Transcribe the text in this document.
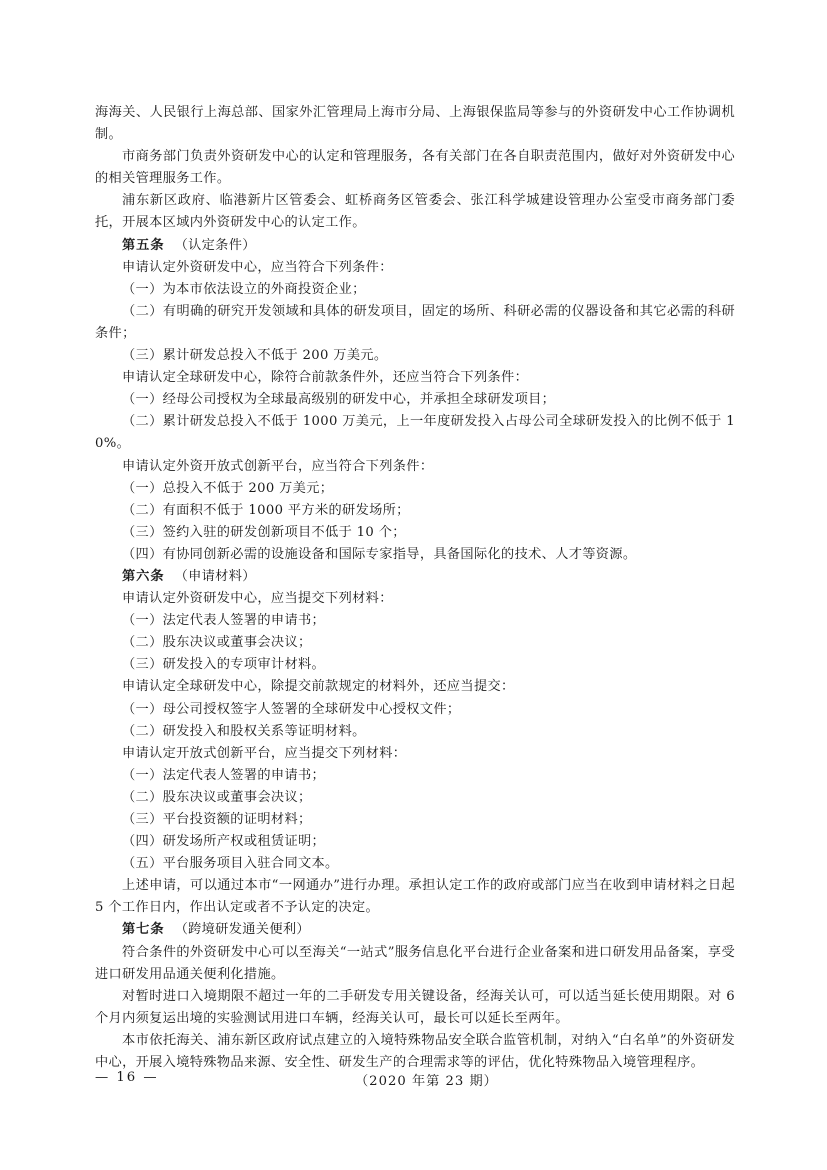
海海关、人民银行上海总部、国家外汇管理局上海市分局、上海银保监局等参与的外资研发中心工作协调机制。

市商务部门负责外资研发中心的认定和管理服务，各有关部门在各自职责范围内，做好对外资研发中心的相关管理服务工作。

浦东新区政府、临港新片区管委会、虹桥商务区管委会、张江科学城建设管理办公室受市商务部门委托，开展本区域内外资研发中心的认定工作。

第五条 （认定条件）

申请认定外资研发中心，应当符合下列条件：

（一）为本市依法设立的外商投资企业；

（二）有明确的研究开发领域和具体的研发项目，固定的场所、科研必需的仪器设备和其它必需的科研条件；

（三）累计研发总投入不低于 200 万美元。

申请认定全球研发中心，除符合前款条件外，还应当符合下列条件：

（一）经母公司授权为全球最高级别的研发中心，并承担全球研发项目；

（二）累计研发总投入不低于 1000 万美元，上一年度研发投入占母公司全球研发投入的比例不低于 10%。

申请认定外资开放式创新平台，应当符合下列条件：

（一）总投入不低于 200 万美元；

（二）有面积不低于 1000 平方米的研发场所；

（三）签约入驻的研发创新项目不低于 10 个；

（四）有协同创新必需的设施设备和国际专家指导，具备国际化的技术、人才等资源。

第六条 （申请材料）

申请认定外资研发中心，应当提交下列材料：

（一）法定代表人签署的申请书；

（二）股东决议或董事会决议；

（三）研发投入的专项审计材料。

申请认定全球研发中心，除提交前款规定的材料外，还应当提交：

（一）母公司授权签字人签署的全球研发中心授权文件；

（二）研发投入和股权关系等证明材料。

申请认定开放式创新平台，应当提交下列材料：

（一）法定代表人签署的申请书；

（二）股东决议或董事会决议；

（三）平台投资额的证明材料；

（四）研发场所产权或租赁证明；

（五）平台服务项目入驻合同文本。

上述申请，可以通过本市“一网通办”进行办理。承担认定工作的政府或部门应当在收到申请材料之日起 5 个工作日内，作出认定或者不予认定的决定。

第七条 （跨境研发通关便利）

符合条件的外资研发中心可以至海关“一站式”服务信息化平台进行企业备案和进口研发用品备案，享受进口研发用品通关便利化措施。

对暂时进口入境期限不超过一年的二手研发专用关键设备，经海关认可，可以适当延长使用期限。对 6 个月内须复运出境的实验测试用进口车辆，经海关认可，最长可以延长至两年。

本市依托海关、浦东新区政府试点建立的入境特殊物品安全联合监管机制，对纳入“白名单”的外资研发中心，开展入境特殊物品来源、安全性、研发生产的合理需求等的评估，优化特殊物品入境管理程序。

— 16 —	（2020 年第 23 期）
